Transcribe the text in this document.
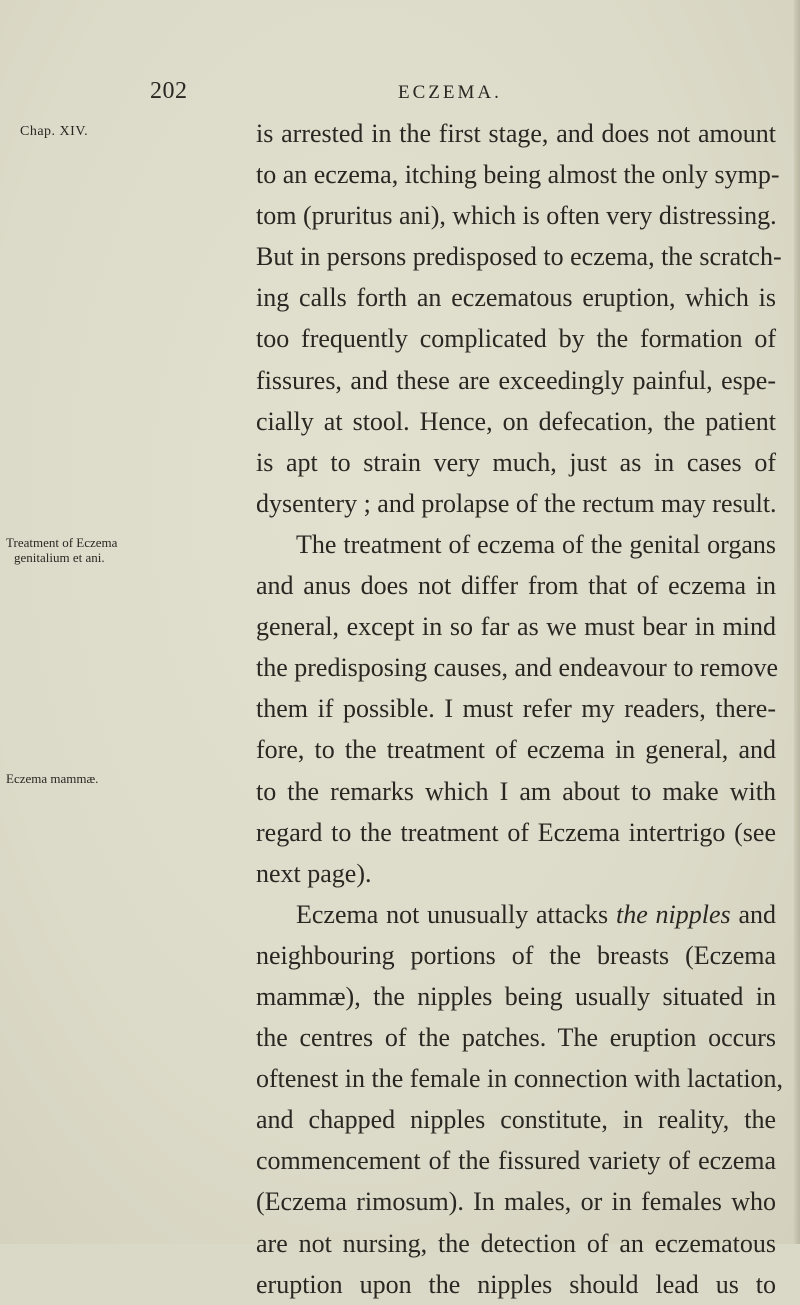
202	ECZEMA.
Chap. XIV.
Treatment of Eczema
genitalium et ani.
Eczema mammæ.
is arrested in the first stage, and does not amount
to an eczema, itching being almost the only symp-
tom (pruritus ani), which is often very distressing.
But in persons predisposed to eczema, the scratch-
ing calls forth an eczematous eruption, which is
too frequently complicated by the formation of
fissures, and these are exceedingly painful, espe-
cially at stool. Hence, on defecation, the patient
is apt to strain very much, just as in cases of
dysentery ; and prolapse of the rectum may result.
The treatment of eczema of the genital organs
and anus does not differ from that of eczema in
general, except in so far as we must bear in mind
the predisposing causes, and endeavour to remove
them if possible. I must refer my readers, there-
fore, to the treatment of eczema in general, and
to the remarks which I am about to make with
regard to the treatment of Eczema intertrigo (see
next page).
Eczema not unusually attacks the nipples and
neighbouring portions of the breasts (Eczema
mammæ), the nipples being usually situated in
the centres of the patches. The eruption occurs
oftenest in the female in connection with lactation,
and chapped nipples constitute, in reality, the
commencement of the fissured variety of eczema
(Eczema rimosum). In males, or in females who
are not nursing, the detection of an eczematous
eruption upon the nipples should lead us to
